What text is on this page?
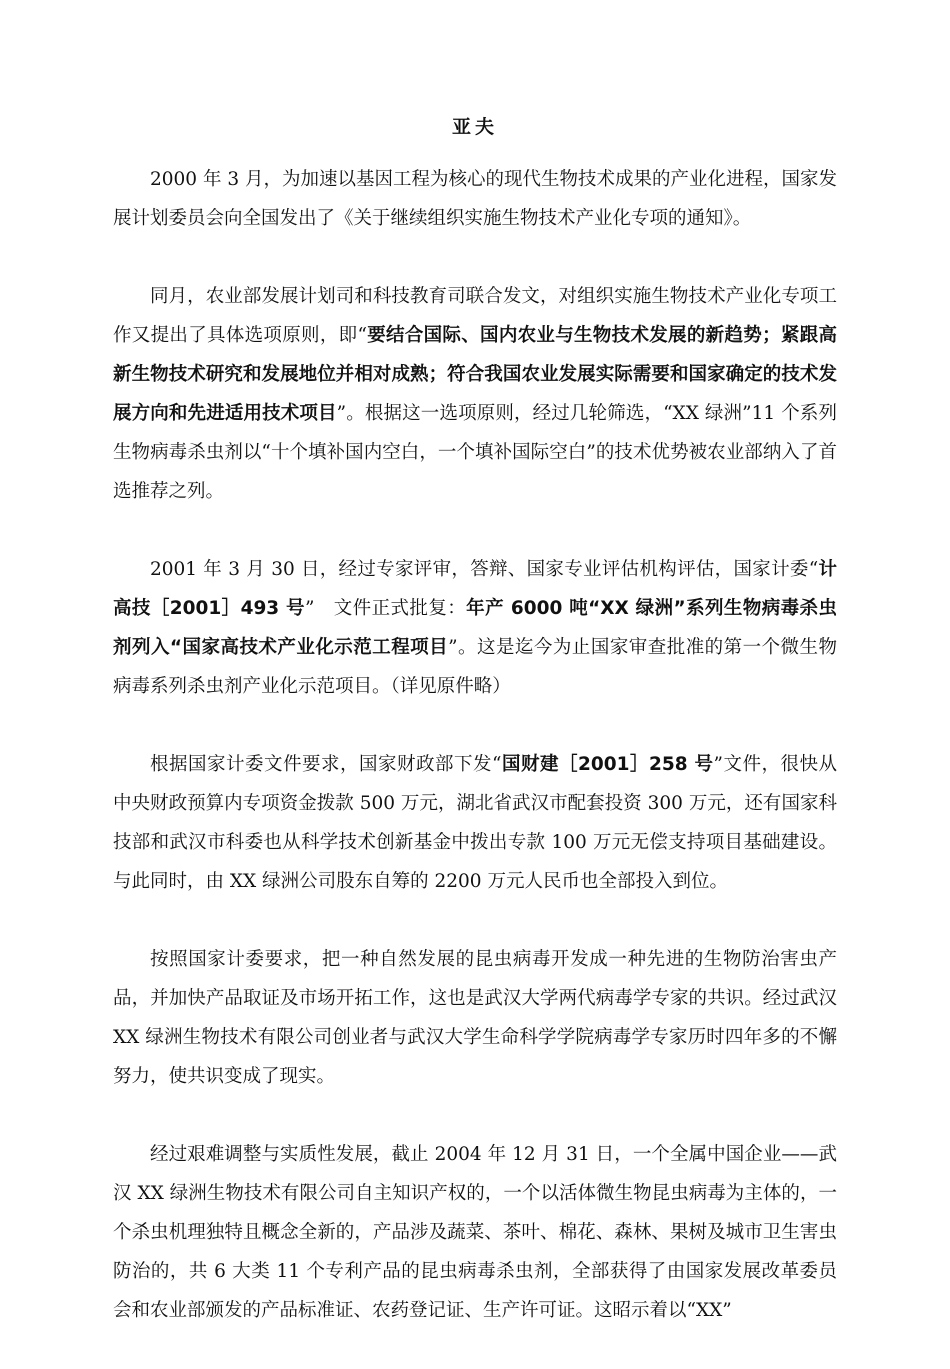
亚夫

2000 年 3 月，为加速以基因工程为核心的现代生物技术成果的产业化进程，国家发展计划委员会向全国发出了《关于继续组织实施生物技术产业化专项的通知》。

同月，农业部发展计划司和科技教育司联合发文，对组织实施生物技术产业化专项工作又提出了具体选项原则，即“要结合国际、国内农业与生物技术发展的新趋势；紧跟高新生物技术研究和发展地位并相对成熟；符合我国农业发展实际需要和国家确定的技术发展方向和先进适用技术项目”。根据这一选项原则，经过几轮筛选，“XX 绿洲”11 个系列生物病毒杀虫剂以“十个填补国内空白，一个填补国际空白”的技术优势被农业部纳入了首选推荐之列。

2001 年 3 月 30 日，经过专家评审，答辩、国家专业评估机构评估，国家计委“计高技［2001］493 号”　文件正式批复：年产 6000 吨“XX 绿洲”系列生物病毒杀虫剂列入“国家高技术产业化示范工程项目”。这是迄今为止国家审查批准的第一个微生物病毒系列杀虫剂产业化示范项目。（详见原件略）

根据国家计委文件要求，国家财政部下发“国财建［2001］258 号”文件，很快从中央财政预算内专项资金拨款 500 万元，湖北省武汉市配套投资 300 万元，还有国家科技部和武汉市科委也从科学技术创新基金中拨出专款 100 万元无偿支持项目基础建设。与此同时，由 XX 绿洲公司股东自筹的 2200 万元人民币也全部投入到位。

按照国家计委要求，把一种自然发展的昆虫病毒开发成一种先进的生物防治害虫产品，并加快产品取证及市场开拓工作，这也是武汉大学两代病毒学专家的共识。经过武汉 XX 绿洲生物技术有限公司创业者与武汉大学生命科学学院病毒学专家历时四年多的不懈努力，使共识变成了现实。

经过艰难调整与实质性发展，截止 2004 年 12 月 31 日，一个全属中国企业——武汉 XX 绿洲生物技术有限公司自主知识产权的，一个以活体微生物昆虫病毒为主体的，一个杀虫机理独特且概念全新的，产品涉及蔬菜、茶叶、棉花、森林、果树及城市卫生害虫防治的，共 6 大类 11 个专利产品的昆虫病毒杀虫剂，全部获得了由国家发展改革委员会和农业部颁发的产品标准证、农药登记证、生产许可证。这昭示着以“XX”
